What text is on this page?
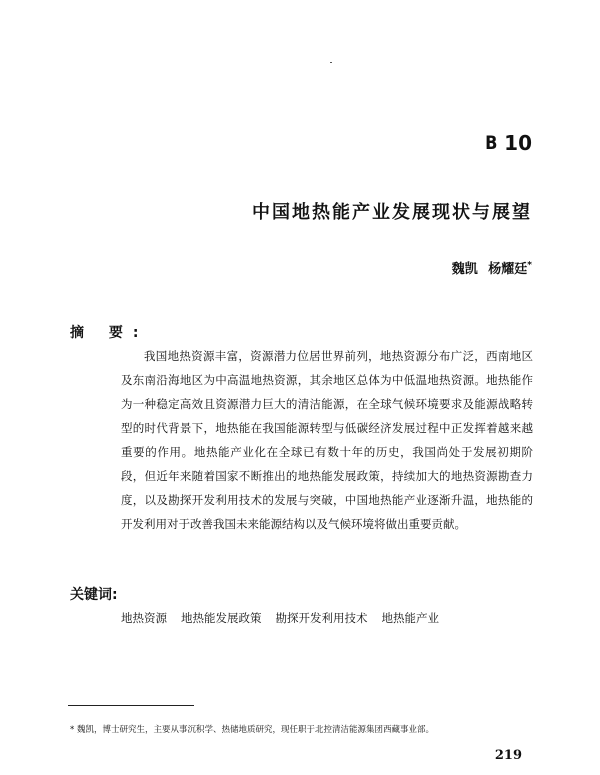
B 10
中国地热能产业发展现状与展望
魏凯 杨耀廷*
摘 要:
我国地热资源丰富，资源潜力位居世界前列，地热资源分布广泛，西南地区及东南沿海地区为中高温地热资源，其余地区总体为中低温地热资源。地热能作为一种稳定高效且资源潜力巨大的清洁能源，在全球气候环境要求及能源战略转型的时代背景下，地热能在我国能源转型与低碳经济发展过程中正发挥着越来越重要的作用。地热能产业化在全球已有数十年的历史，我国尚处于发展初期阶段，但近年来随着国家不断推出的地热能发展政策，持续加大的地热资源勘查力度，以及勘探开发利用技术的发展与突破，中国地热能产业逐渐升温，地热能的开发利用对于改善我国未来能源结构以及气候环境将做出重要贡献。
关键词:
地热资源 地热能发展政策 勘探开发利用技术 地热能产业
* 魏凯，博士研究生，主要从事沉积学、热储地质研究，现任职于北控清洁能源集团西藏事业部。
219
